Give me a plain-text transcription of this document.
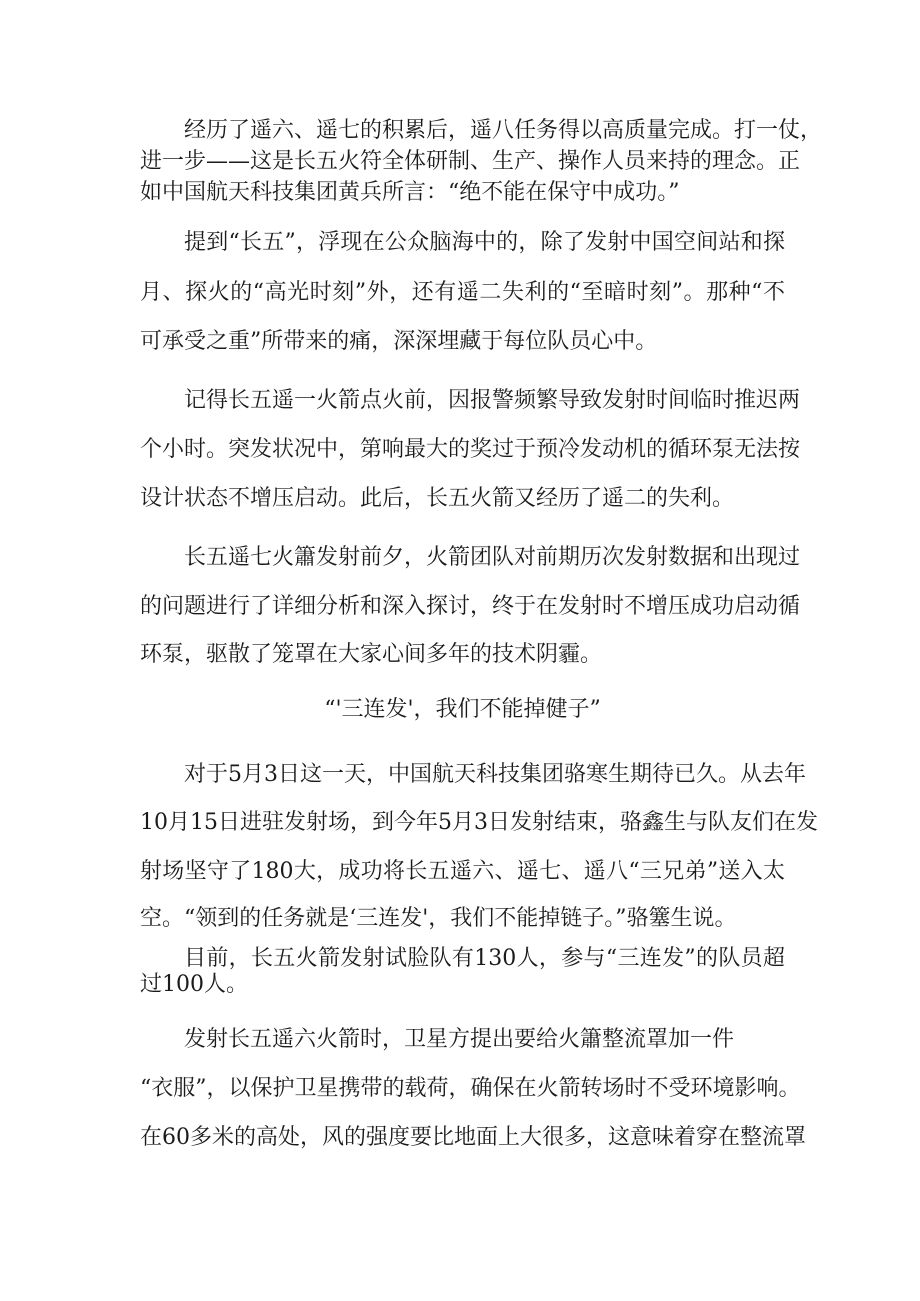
经历了遥六、遥七的积累后，遥八任务得以高质量完成。打一仗，
进一步——这是长五火符全体研制、生产、操作人员来持的理念。正
如中国航天科技集团黄兵所言：“绝不能在保守中成功。”
提到“长五”，浮现在公众脑海中的，除了发射中国空间站和探
月、探火的“高光时刻”外，还有遥二失利的“至暗时刻”。那种“不
可承受之重”所带来的痛，深深埋藏于每位队员心中。
记得长五遥一火箭点火前，因报警频繁导致发射时间临时推迟两
个小时。突发状况中，第响最大的奖过于预冷发动机的循环泵无法按
设计状态不增压启动。此后，长五火箭又经历了遥二的失利。
长五遥七火簫发射前夕，火箭团队对前期历次发射数据和出现过
的问题进行了详细分析和深入探讨，终于在发射时不增压成功启动循
环泵，驱散了笼罩在大家心间多年的技术阴霾。
“'三连发'，我们不能掉健子”
对于5月3日这一天，中国航天科技集团骆寒生期待已久。从去年
10月15日进驻发射场，到今年5月3日发射结束，骆鑫生与队友们在发
射场坚守了180大，成功将长五遥六、遥七、遥八“三兄弟”送入太
空。“领到的任务就是‘三连发'，我们不能掉链子。”骆簺生说。
目前，长五火箭发射试脸队有130人，参与“三连发”的队员超
过100人。
发射长五遥六火箭时，卫星方提出要给火簫整流罩加一件
“衣服”，以保护卫星携带的载荷，确保在火箭转场时不受环境影响。
在60多米的高处，风的强度要比地面上大很多，这意味着穿在整流罩
